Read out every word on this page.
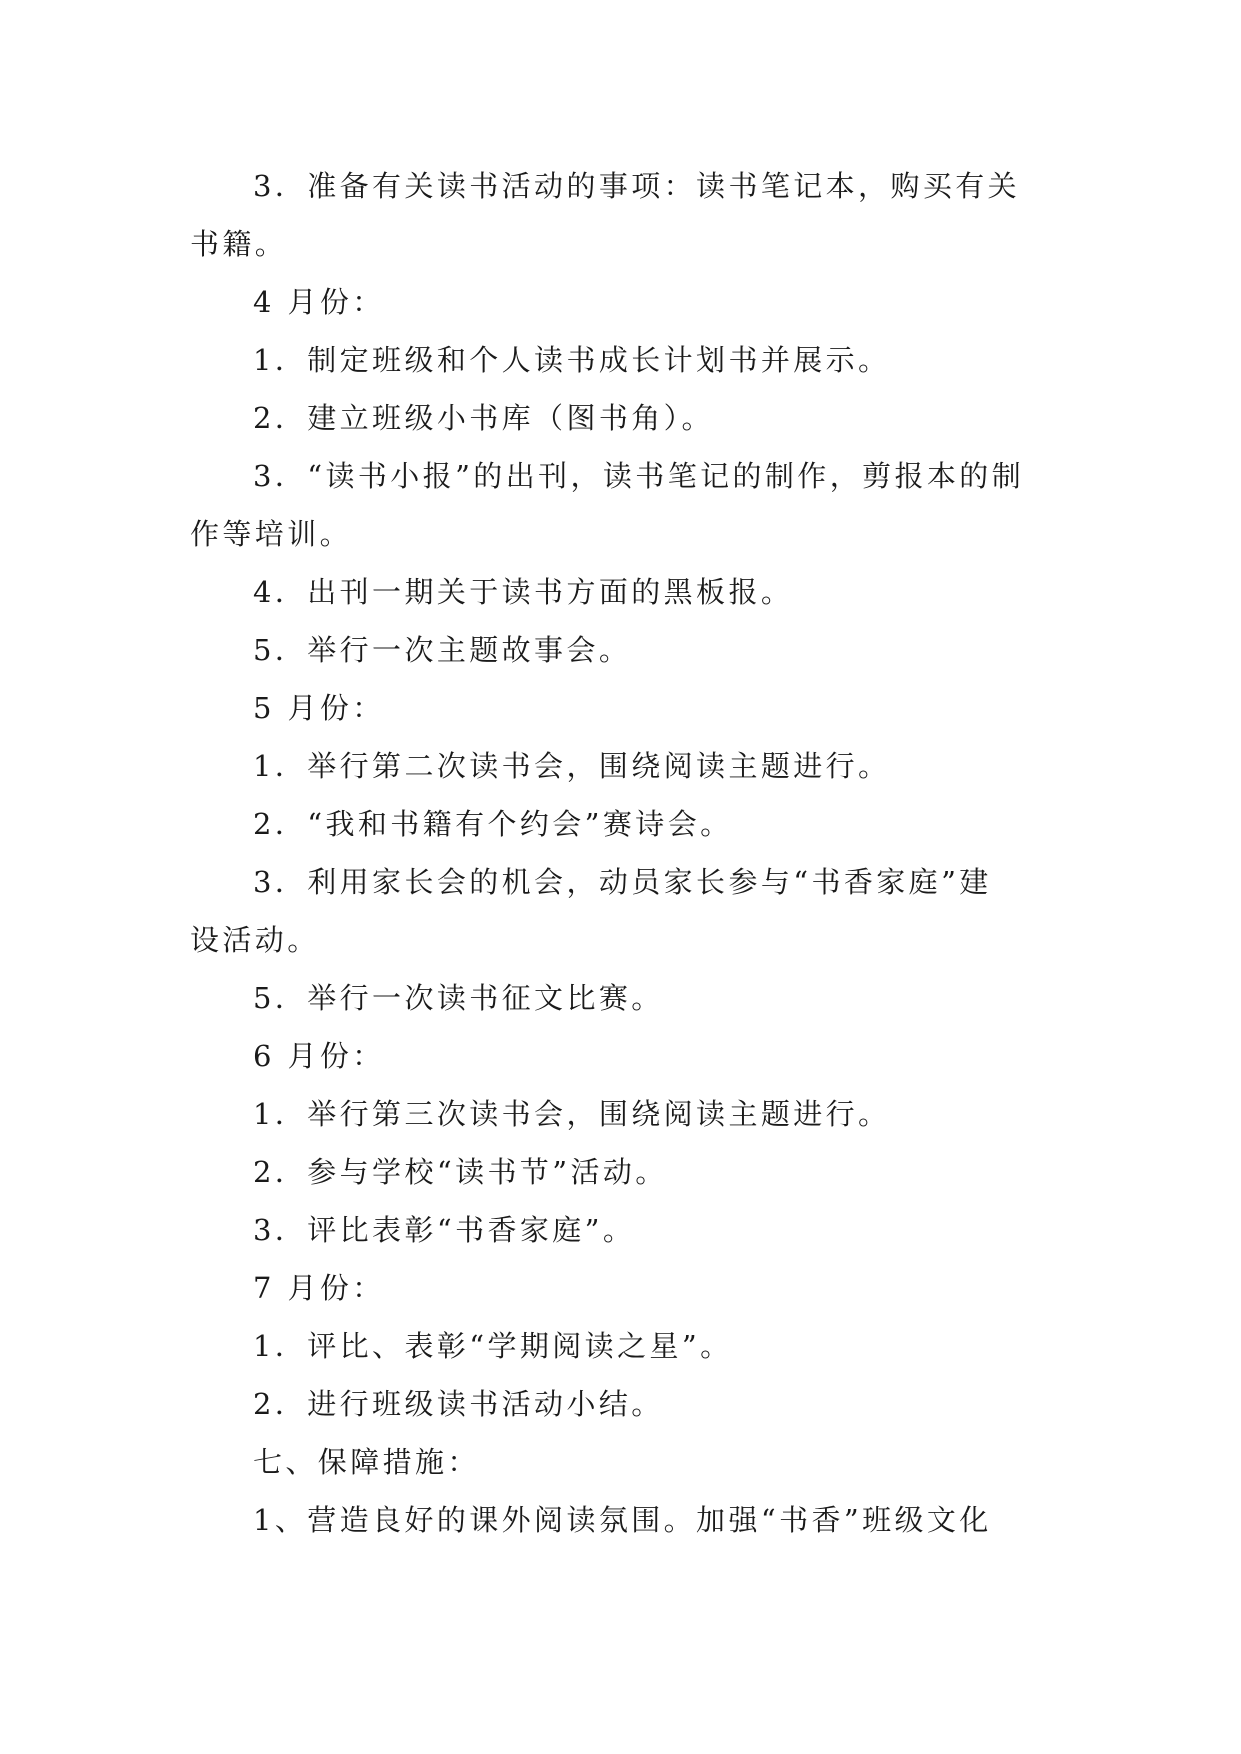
3．准备有关读书活动的事项：读书笔记本，购买有关

书籍。

4 月份：

1．制定班级和个人读书成长计划书并展示。

2．建立班级小书库（图书角）。

3．“读书小报”的出刊，读书笔记的制作，剪报本的制

作等培训。

4．出刊一期关于读书方面的黑板报。

5．举行一次主题故事会。

5 月份：

1．举行第二次读书会，围绕阅读主题进行。

2．“我和书籍有个约会”赛诗会。

3．利用家长会的机会，动员家长参与“书香家庭”建

设活动。

5．举行一次读书征文比赛。

6 月份：

1．举行第三次读书会，围绕阅读主题进行。

2．参与学校“读书节”活动。

3．评比表彰“书香家庭”。

7 月份：

1．评比、表彰“学期阅读之星”。

2．进行班级读书活动小结。

七、保障措施：

1、营造良好的课外阅读氛围。加强“书香”班级文化
